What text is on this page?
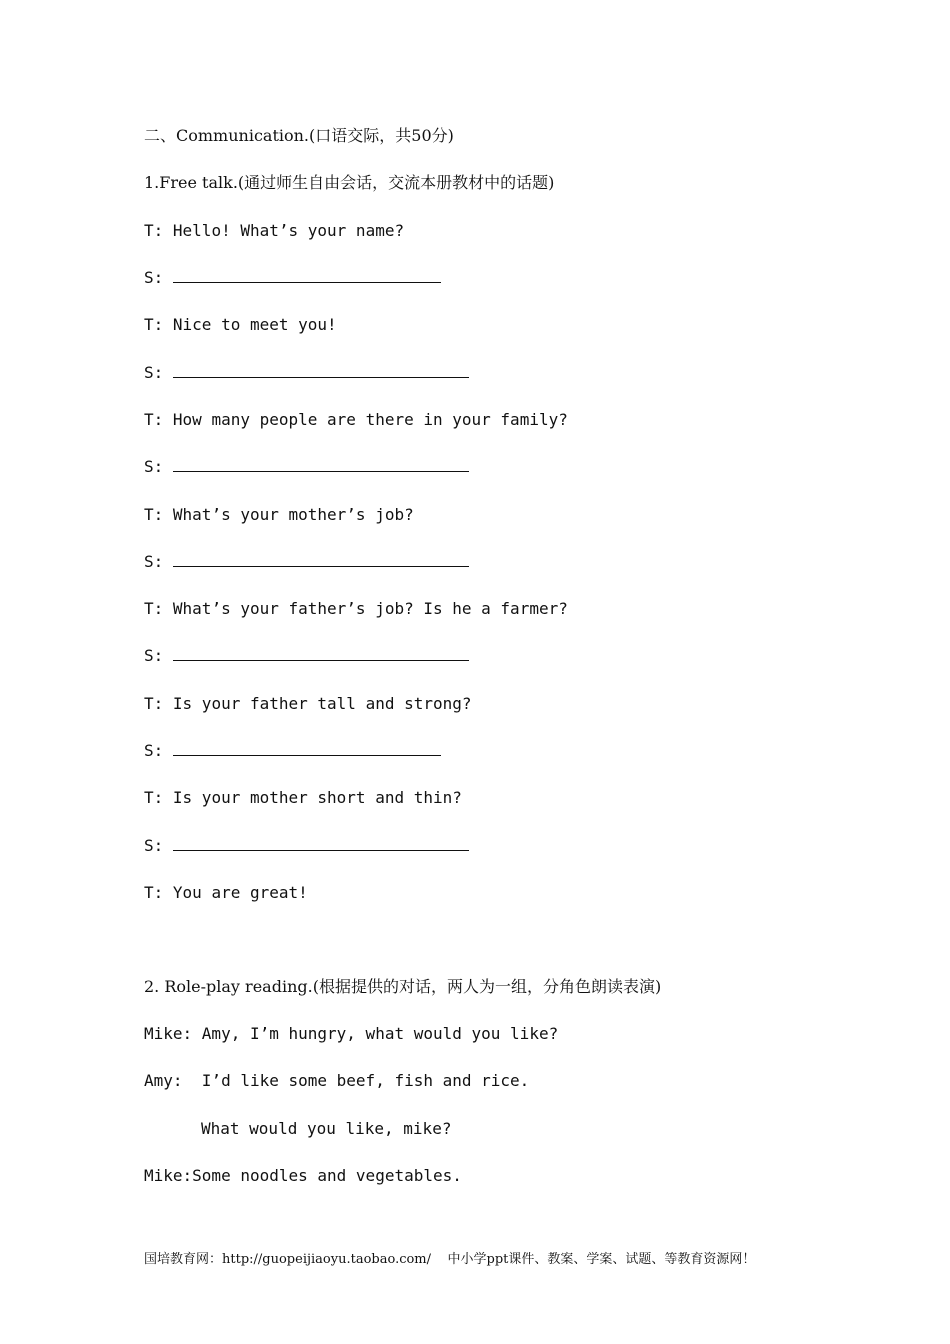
二、Communication.(口语交际，共50分)
1.Free talk.(通过师生自由会话，交流本册教材中的话题)
T: Hello! What’s your name?
S:
T: Nice to meet you!
S:
T: How many people are there in your family?
S:
T: What’s your mother’s job?
S:
T: What’s your father’s job? Is he a farmer?
S:
T: Is your father tall and strong?
S:
T: Is your mother short and thin?
S:
T: You are great!
2. Role-play reading.(根据提供的对话，两人为一组，分角色朗读表演)
Mike: Amy, I’m hungry, what would you like?
Amy:  I’d like some beef, fish and rice.
What would you like, mike?
Mike:Some noodles and vegetables.
国培教育网：http://guopeijiaoyu.taobao.com/    中小学ppt课件、教案、学案、试题、等教育资源网！
